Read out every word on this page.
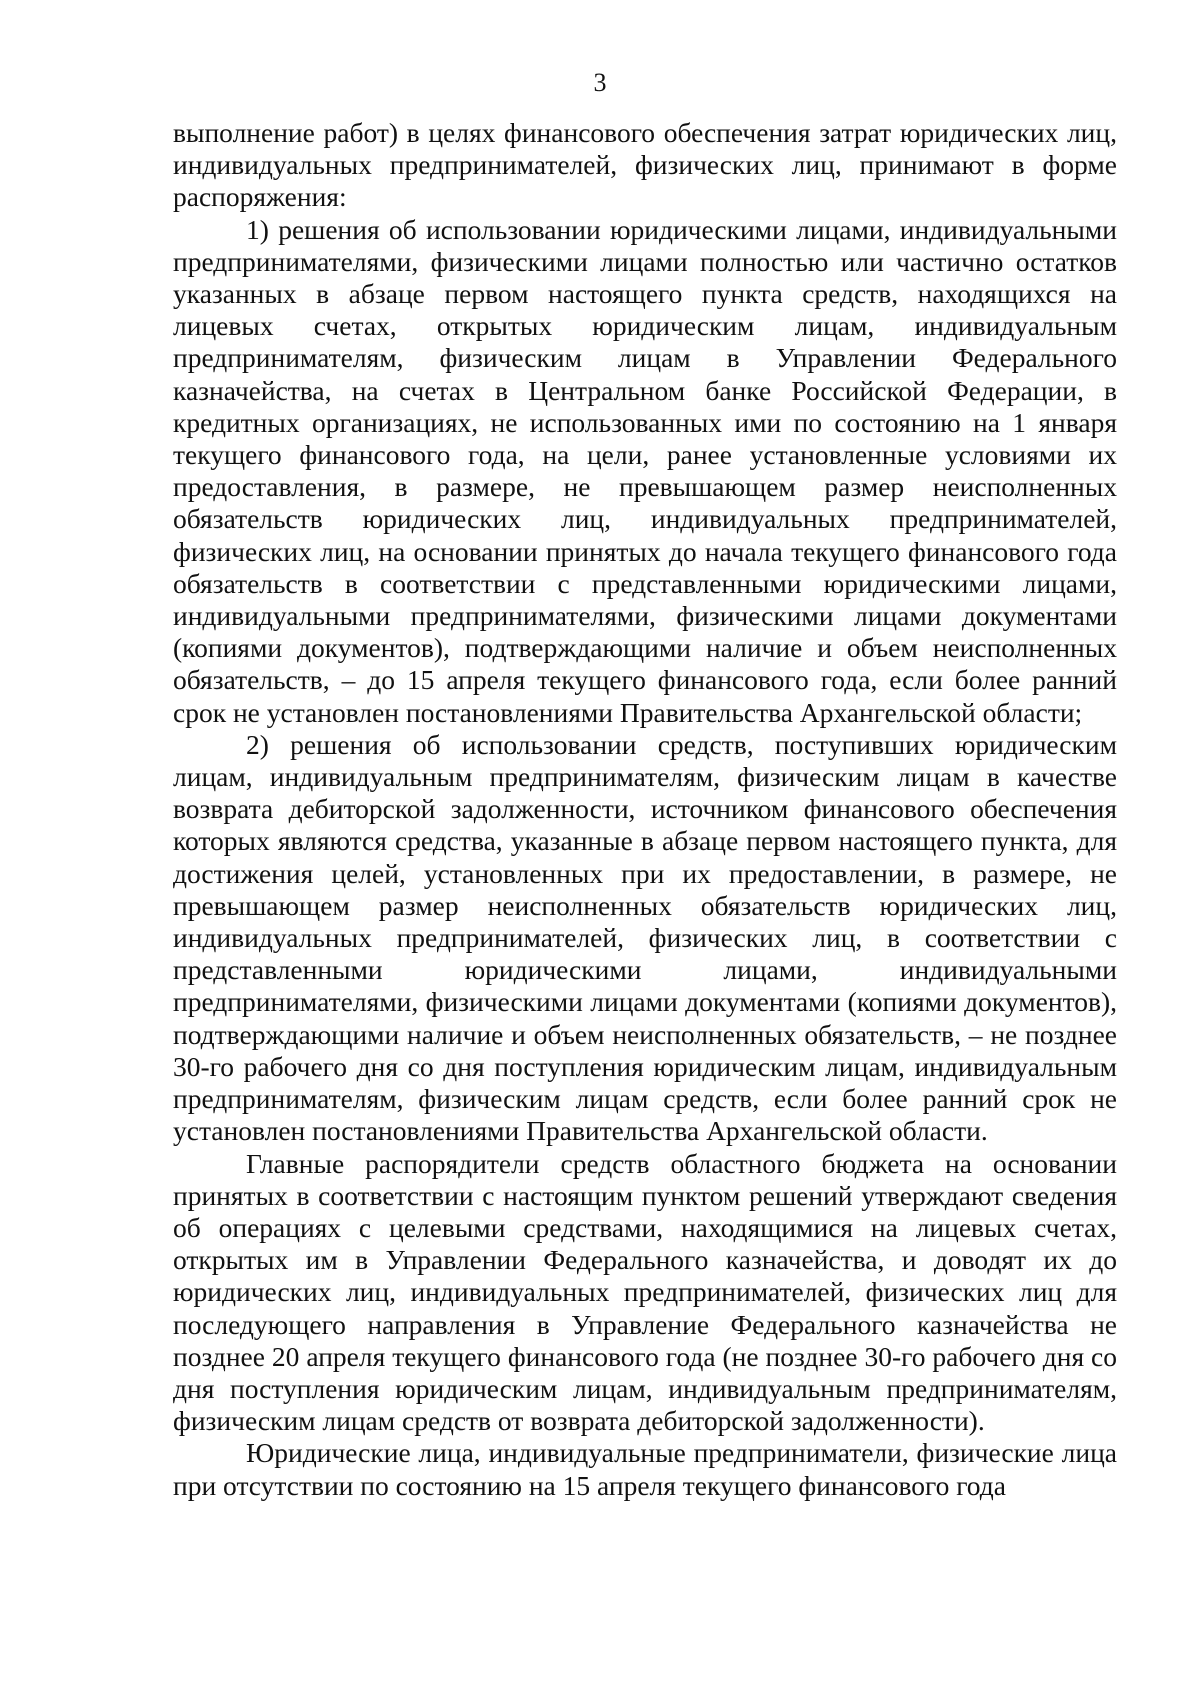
3

выполнение работ) в целях финансового обеспечения затрат юридических лиц, индивидуальных предпринимателей, физических лиц, принимают в форме распоряжения:

1) решения об использовании юридическими лицами, индивидуальными предпринимателями, физическими лицами полностью или частично остатков указанных в абзаце первом настоящего пункта средств, находящихся на лицевых счетах, открытых юридическим лицам, индивидуальным предпринимателям, физическим лицам в Управлении Федерального казначейства, на счетах в Центральном банке Российской Федерации, в кредитных организациях, не использованных ими по состоянию на 1 января текущего финансового года, на цели, ранее установленные условиями их предоставления, в размере, не превышающем размер неисполненных обязательств юридических лиц, индивидуальных предпринимателей, физических лиц, на основании принятых до начала текущего финансового года обязательств в соответствии с представленными юридическими лицами, индивидуальными предпринимателями, физическими лицами документами (копиями документов), подтверждающими наличие и объем неисполненных обязательств, – до 15 апреля текущего финансового года, если более ранний срок не установлен постановлениями Правительства Архангельской области;

2) решения об использовании средств, поступивших юридическим лицам, индивидуальным предпринимателям, физическим лицам в качестве возврата дебиторской задолженности, источником финансового обеспечения которых являются средства, указанные в абзаце первом настоящего пункта, для достижения целей, установленных при их предоставлении, в размере, не превышающем размер неисполненных обязательств юридических лиц, индивидуальных предпринимателей, физических лиц, в соответствии с представленными юридическими лицами, индивидуальными предпринимателями, физическими лицами документами (копиями документов), подтверждающими наличие и объем неисполненных обязательств, – не позднее 30-го рабочего дня со дня поступления юридическим лицам, индивидуальным предпринимателям, физическим лицам средств, если более ранний срок не установлен постановлениями Правительства Архангельской области.

Главные распорядители средств областного бюджета на основании принятых в соответствии с настоящим пунктом решений утверждают сведения об операциях с целевыми средствами, находящимися на лицевых счетах, открытых им в Управлении Федерального казначейства, и доводят их до юридических лиц, индивидуальных предпринимателей, физических лиц для последующего направления в Управление Федерального казначейства не позднее 20 апреля текущего финансового года (не позднее 30-го рабочего дня со дня поступления юридическим лицам, индивидуальным предпринимателям, физическим лицам средств от возврата дебиторской задолженности).

Юридические лица, индивидуальные предприниматели, физические лица при отсутствии по состоянию на 15 апреля текущего финансового года
